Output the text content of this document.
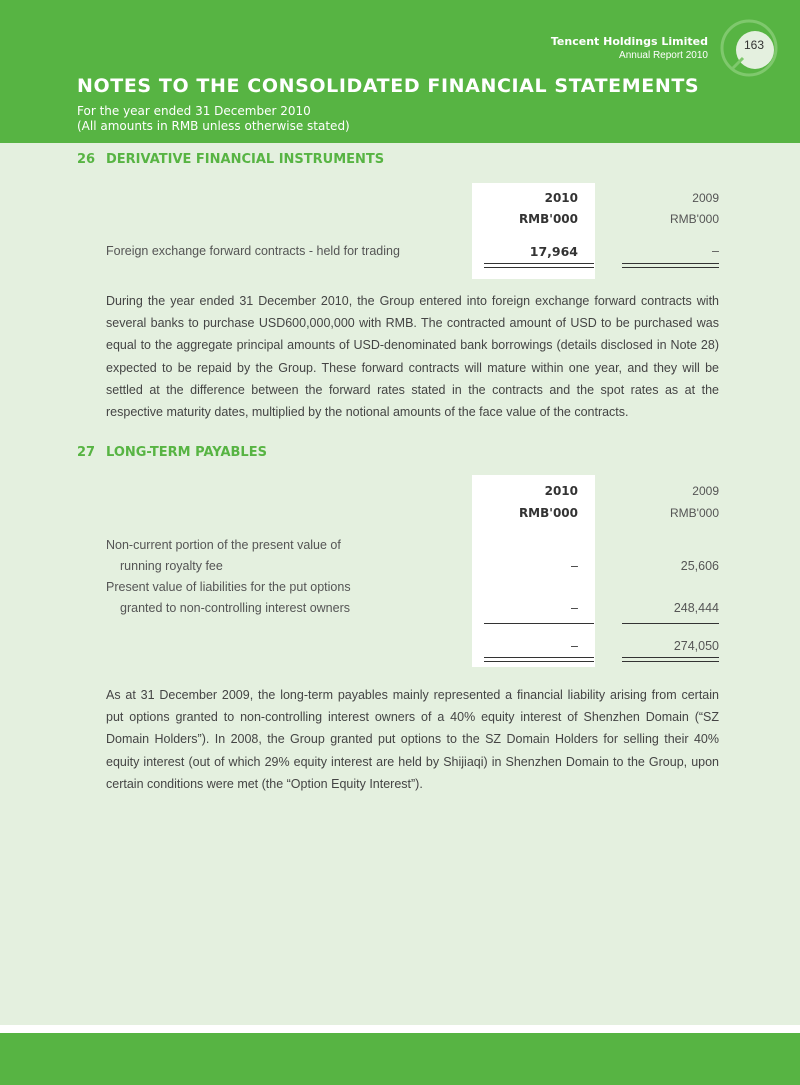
Tencent Holdings Limited
Annual Report 2010
163
NOTES TO THE CONSOLIDATED FINANCIAL STATEMENTS
For the year ended 31 December 2010
(All amounts in RMB unless otherwise stated)
26 DERIVATIVE FINANCIAL INSTRUMENTS
2010	2009
RMB'000	RMB'000
Foreign exchange forward contracts - held for trading	17,964	–
During the year ended 31 December 2010, the Group entered into foreign exchange forward contracts with several banks to purchase USD600,000,000 with RMB. The contracted amount of USD to be purchased was equal to the aggregate principal amounts of USD-denominated bank borrowings (details disclosed in Note 28) expected to be repaid by the Group. These forward contracts will mature within one year, and they will be settled at the difference between the forward rates stated in the contracts and the spot rates as at the respective maturity dates, multiplied by the notional amounts of the face value of the contracts.
27 LONG-TERM PAYABLES
2010	2009
RMB'000	RMB'000
Non-current portion of the present value of
running royalty fee	–	25,606
Present value of liabilities for the put options
granted to non-controlling interest owners	–	248,444
–	274,050
As at 31 December 2009, the long-term payables mainly represented a financial liability arising from certain put options granted to non-controlling interest owners of a 40% equity interest of Shenzhen Domain (“SZ Domain Holders”). In 2008, the Group granted put options to the SZ Domain Holders for selling their 40% equity interest (out of which 29% equity interest are held by Shijiaqi) in Shenzhen Domain to the Group, upon certain conditions were met (the “Option Equity Interest”).
